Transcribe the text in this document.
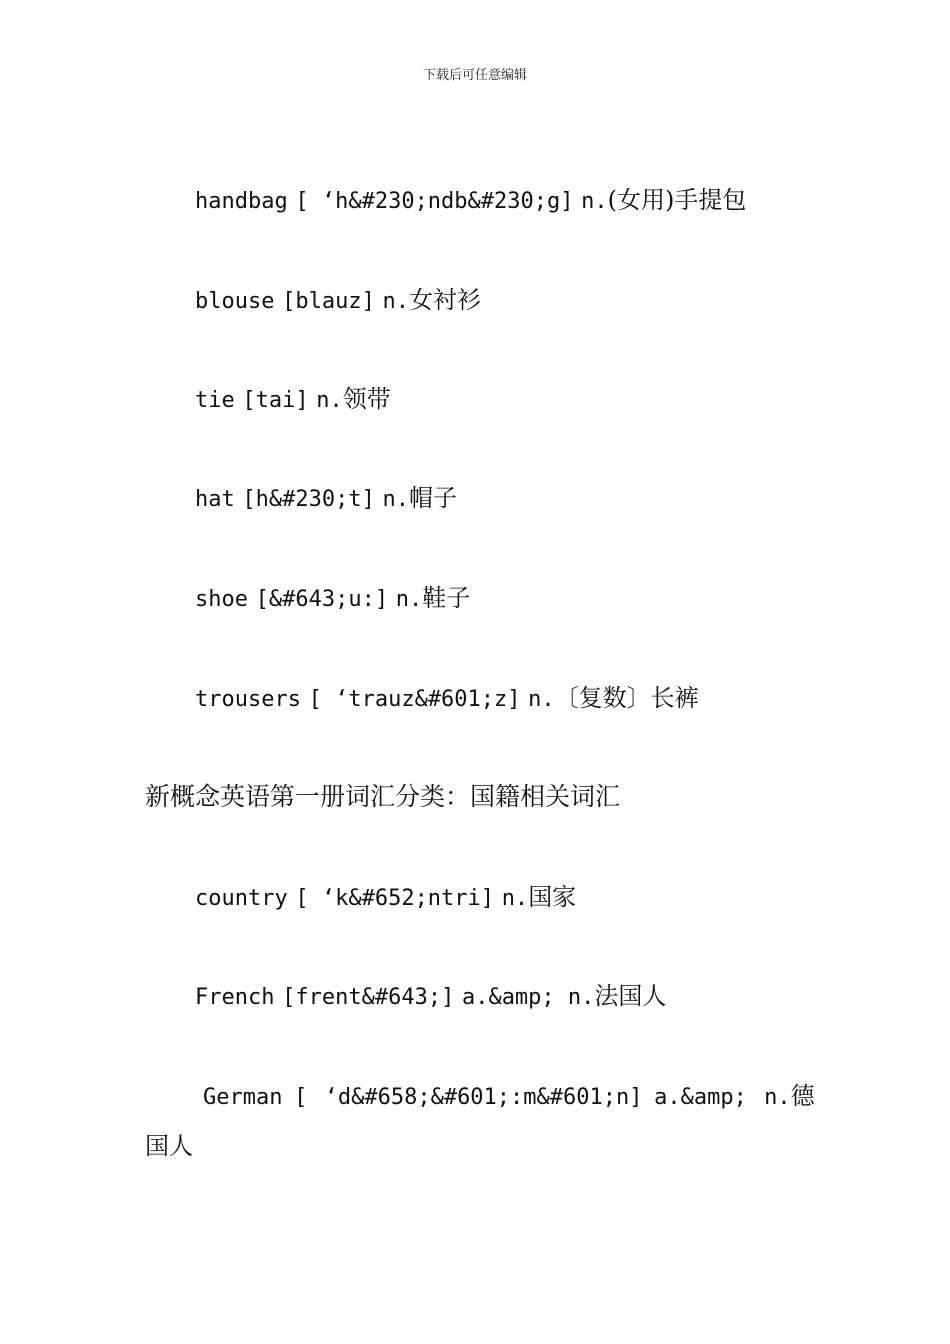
下载后可任意编辑
handbag [ ‘h&#230;ndb&#230;g] n.(女用)手提包
blouse [blauz] n.女衬衫
tie [tai] n.领带
hat [h&#230;t] n.帽子
shoe [&#643;u:] n.鞋子
trousers [ ‘trauz&#601;z] n.〔复数〕长裤
新概念英语第一册词汇分类：国籍相关词汇
country [ ‘k&#652;ntri] n.国家
French [frent&#643;] a.&amp; n.法国人
German [ ‘d&#658;&#601;:m&#601;n] a.&amp; n.德
国人
